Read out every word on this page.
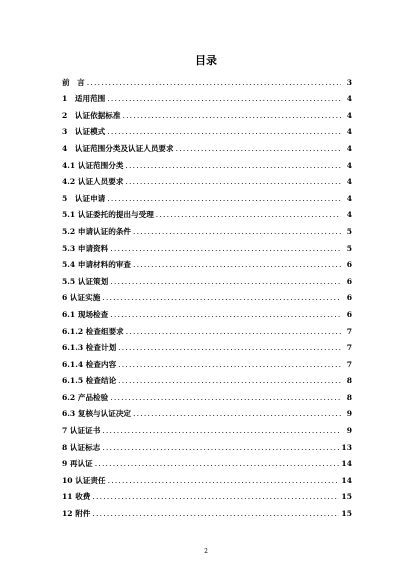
目录
前　言 .....	3
1　适用范围 .....	4
2　认证依据标准 .....	4
3　认证模式 .....	4
4　认证范围分类及认证人员要求 .....	4
4.1 认证范围分类 .....	4
4.2 认证人员要求 .....	4
5　认证申请 .....	4
5.1 认证委托的提出与受理 .....	4
5.2 申请认证的条件 .....	5
5.3 申请资料 .....	5
5.4 申请材料的审查 .....	6
5.5 认证策划 .....	6
6 认证实施 .....	6
6.1 现场检查 .....	6
6.1.2 检查组要求 .....	7
6.1.3 检查计划 .....	7
6.1.4 检查内容 .....	7
6.1.5 检查结论 .....	8
6.2 产品检验 .....	8
6.3 复核与认证决定 .....	9
7 认证证书 .....	9
8 认证标志 .....	13
9 再认证 .....	14
10 认证责任 .....	14
11 收费 .....	15
12 附件 .....	15
2
